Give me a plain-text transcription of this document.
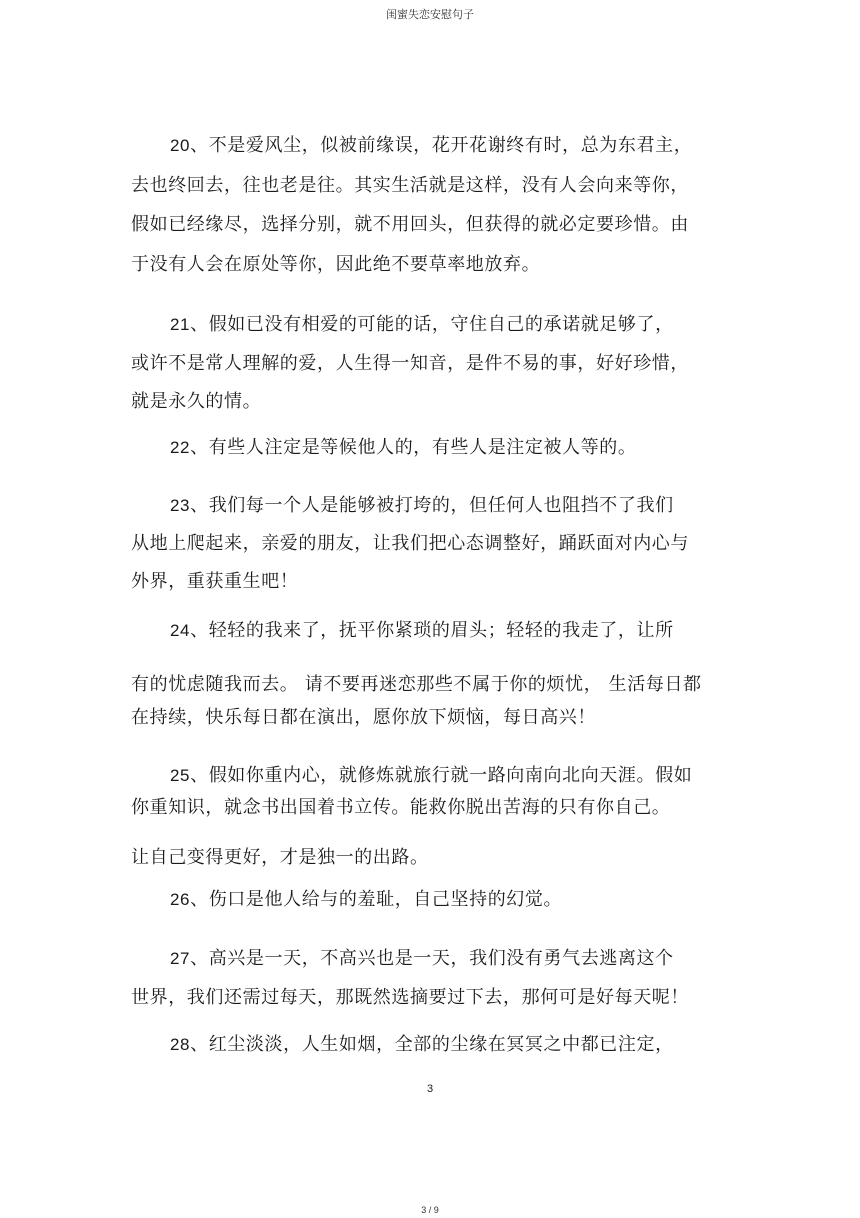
闺蜜失恋安慰句子
20、不是爱风尘，似被前缘误，花开花谢终有时，总为东君主，
去也终回去，往也老是往。其实生活就是这样，没有人会向来等你，
假如已经缘尽，选择分别，就不用回头，但获得的就必定要珍惜。由
于没有人会在原处等你，因此绝不要草率地放弃。
21、假如已没有相爱的可能的话，守住自己的承诺就足够了，
或许不是常人理解的爱，人生得一知音，是件不易的事，好好珍惜，
就是永久的情。
22、有些人注定是等候他人的，有些人是注定被人等的。
23、我们每一个人是能够被打垮的，但任何人也阻挡不了我们
从地上爬起来，亲爱的朋友，让我们把心态调整好，踊跃面对内心与
外界，重获重生吧！
24、轻轻的我来了，抚平你紧琐的眉头；轻轻的我走了，让所
有的忧虑随我而去。 请不要再迷恋那些不属于你的烦忧， 生活每日都
在持续，快乐每日都在演出，愿你放下烦恼，每日高兴！
25、假如你重内心，就修炼就旅行就一路向南向北向天涯。假如
你重知识，就念书出国着书立传。能救你脱出苦海的只有你自己。
让自己变得更好，才是独一的出路。
26、伤口是他人给与的羞耻，自己坚持的幻觉。
27、高兴是一天，不高兴也是一天，我们没有勇气去逃离这个
世界，我们还需过每天，那既然选摘要过下去，那何可是好每天呢！
28、红尘淡淡，人生如烟，全部的尘缘在冥冥之中都已注定，
3
3 / 9
